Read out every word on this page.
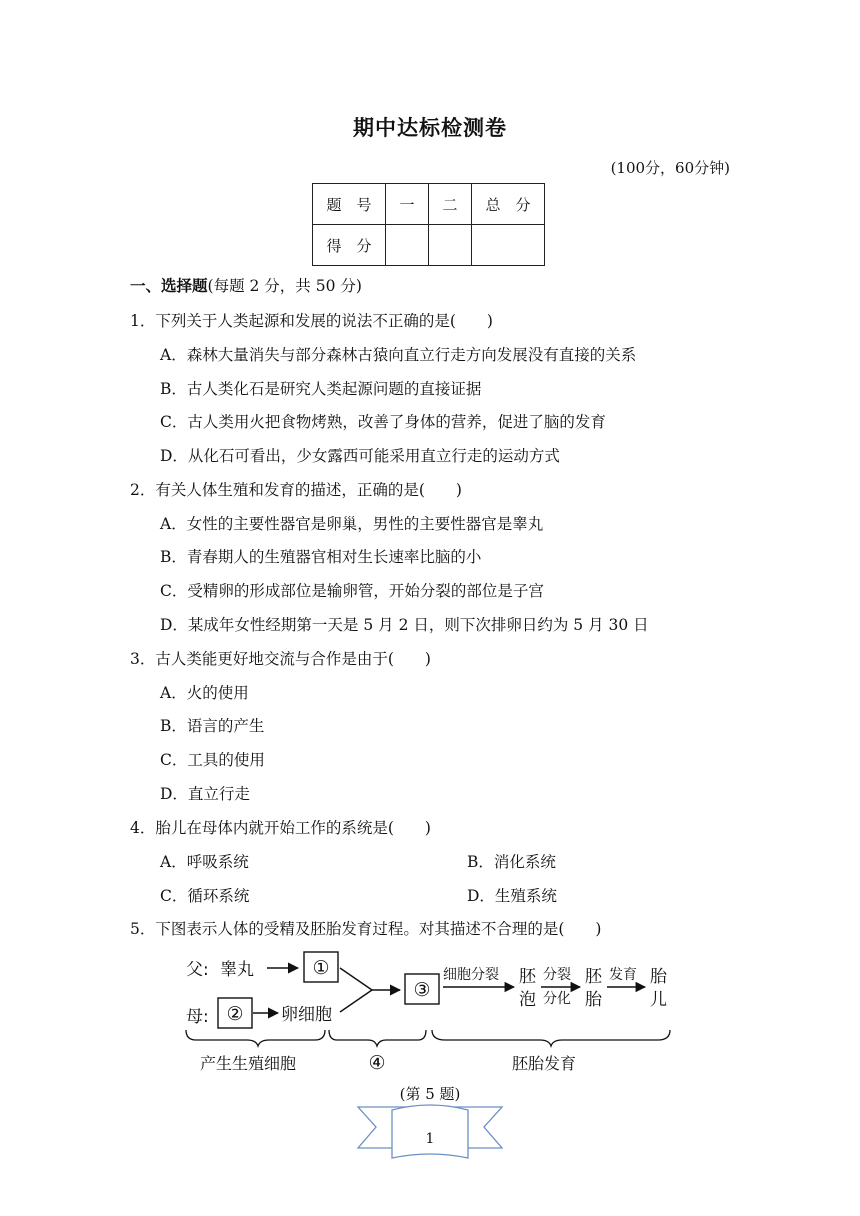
期中达标检测卷
(100分，60分钟)
题　号	一	二	总　分
得　分			
一、选择题(每题 2 分，共 50 分)
1．下列关于人类起源和发展的说法不正确的是(　　)
A．森林大量消失与部分森林古猿向直立行走方向发展没有直接的关系
B．古人类化石是研究人类起源问题的直接证据
C．古人类用火把食物烤熟，改善了身体的营养，促进了脑的发育
D．从化石可看出，少女露西可能采用直立行走的运动方式
2．有关人体生殖和发育的描述，正确的是(　　)
A．女性的主要性器官是卵巢，男性的主要性器官是睾丸
B．青春期人的生殖器官相对生长速率比脑的小
C．受精卵的形成部位是输卵管，开始分裂的部位是子宫
D．某成年女性经期第一天是 5 月 2 日，则下次排卵日约为 5 月 30 日
3．古人类能更好地交流与合作是由于(　　)
A．火的使用
B．语言的产生
C．工具的使用
D．直立行走
4．胎儿在母体内就开始工作的系统是(　　)
A．呼吸系统	B．消化系统
C．循环系统	D．生殖系统
5．下图表示人体的受精及胚胎发育过程。对其描述不合理的是(　　)
父: 睾丸	①
母: ② 卵细胞
③
细胞分裂 胚
泡
分裂
分化
胚
胎
发育 胎
儿
产生生殖细胞	④	胚胎发育
(第 5 题)
1
